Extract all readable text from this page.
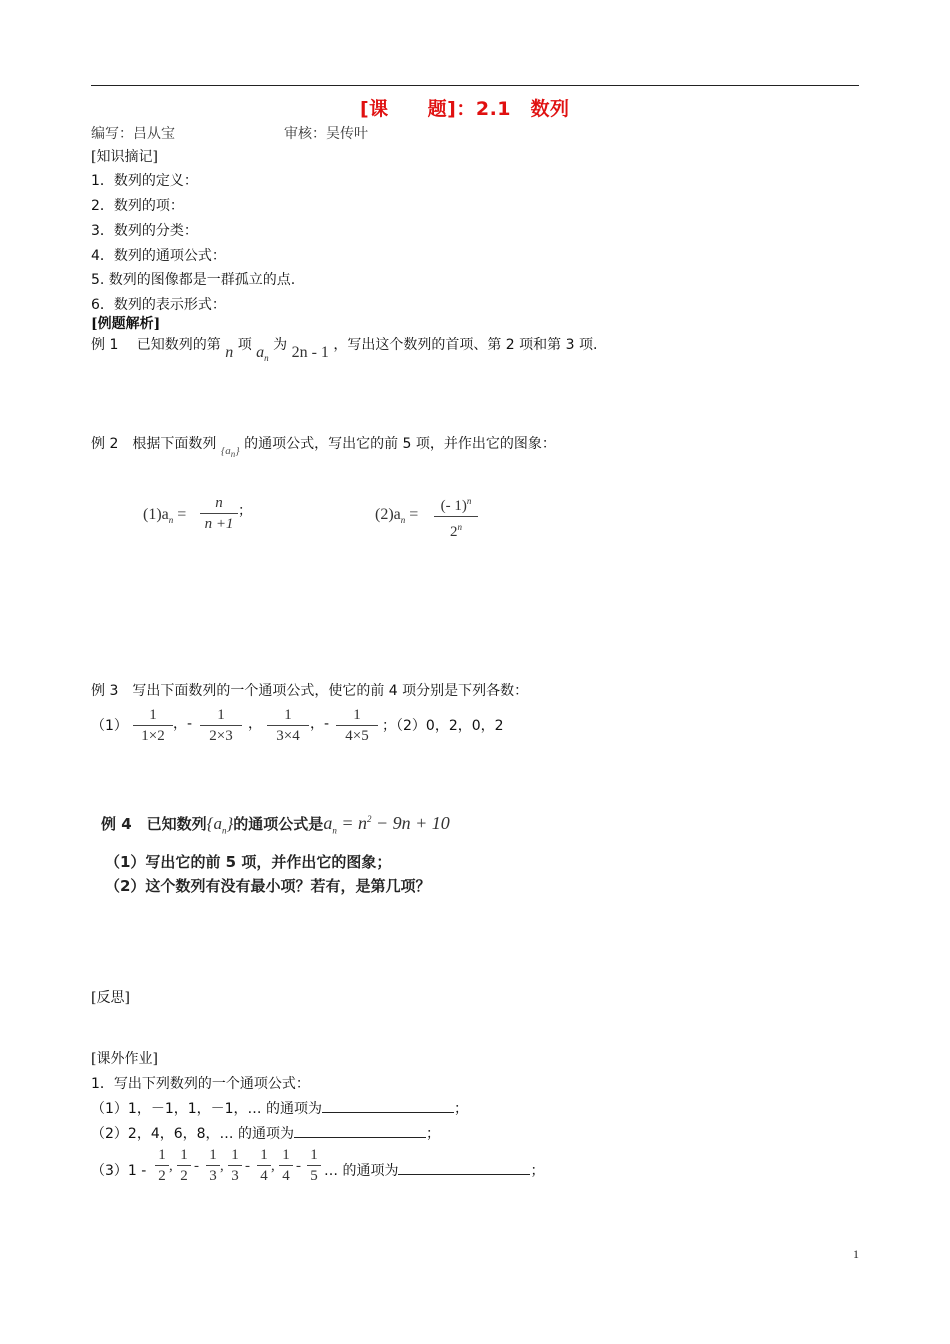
[课　　题]：2.1　数列
编写：吕从宝	审核：吴传叶
[知识摘记]
1．数列的定义：
2．数列的项：
3．数列的分类：
4．数列的通项公式：
5. 数列的图像都是一群孤立的点.
6．数列的表示形式：
[例题解析]
例 1　 已知数列的第 n 项 $a_n$ 为 2n - 1 ，写出这个数列的首项、第 2 项和第 3 项.
例 2　根据下面数列 $_{\{a_n\}}$ 的通项公式，写出它的前 5 项，并作出它的图象：
$(1)a_n$ =
n
n +1
；	$(2)a_n$ =	(- 1)$^n$
2$^n$
例 3　写出下面数列的一个通项公式，使它的前 4 项分别是下列各数：
（1）
1
1×2
，-
1
2×3
，
1
3×4
，-
1
4×5
；（2）0，2，0，2
例 4　已知数列$\{a_n\}$的通项公式是$a_n = n^2 - 9n + 10$
（1）写出它的前 5 项，并作出它的图象；
（2）这个数列有没有最小项？若有，是第几项？
[反思]
[课外作业]
1．写出下列数列的一个通项公式：
（1）1，－1，1，－1，… 的通项为	；
（2）2，4，6，8，… 的通项为	；
（3）1 -
1
2
,
1
2
-
1
3
,
1
3
-
1
4
,
1
4
-
1
5 … 的通项为	；
1
